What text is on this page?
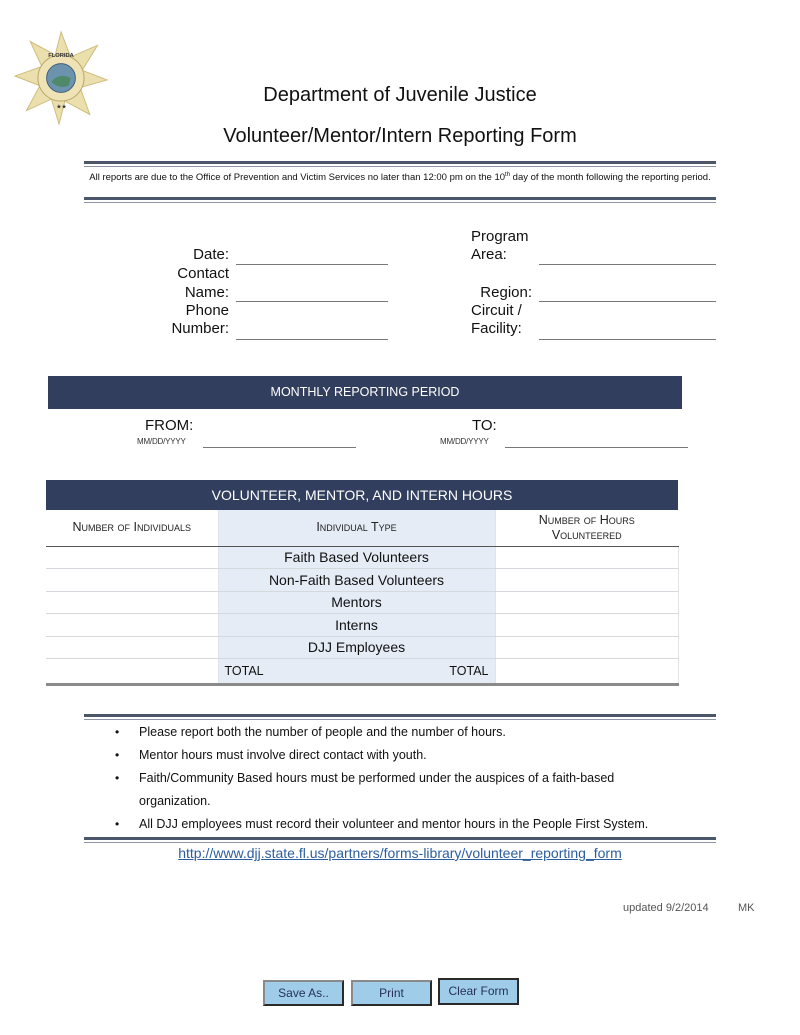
FLORIDA
★★
Department of Juvenile Justice
Volunteer/Mentor/Intern Reporting Form
All reports are due to the Office of Prevention and Victim Services no later than 12:00 pm on the 10th day of the month following the reporting period.
Date:
Contact
Name:
Phone
Number:
Program
Area:
Region:
Circuit /
Facility:
MONTHLY REPORTING PERIOD
FROM:
MM/DD/YYYY
TO:
MM/DD/YYYY
VOLUNTEER, MENTOR, AND INTERN HOURS
Number of Individuals	Individual Type	Number of Hours Volunteered
	Faith Based Volunteers	
	Non-Faith Based Volunteers	
	Mentors	
	Interns	
	DJJ Employees	

	TOTAL TOTAL	

• Please report both the number of people and the number of hours.
• Mentor hours must involve direct contact with youth.
• Faith/Community Based hours must be performed under the auspices of a faith-based organization.
• All DJJ employees must record their volunteer and mentor hours in the People First System.
http://www.djj.state.fl.us/partners/forms-library/volunteer_reporting_form
updated 9/2/2014	MK
Save As..	Print	Clear Form
